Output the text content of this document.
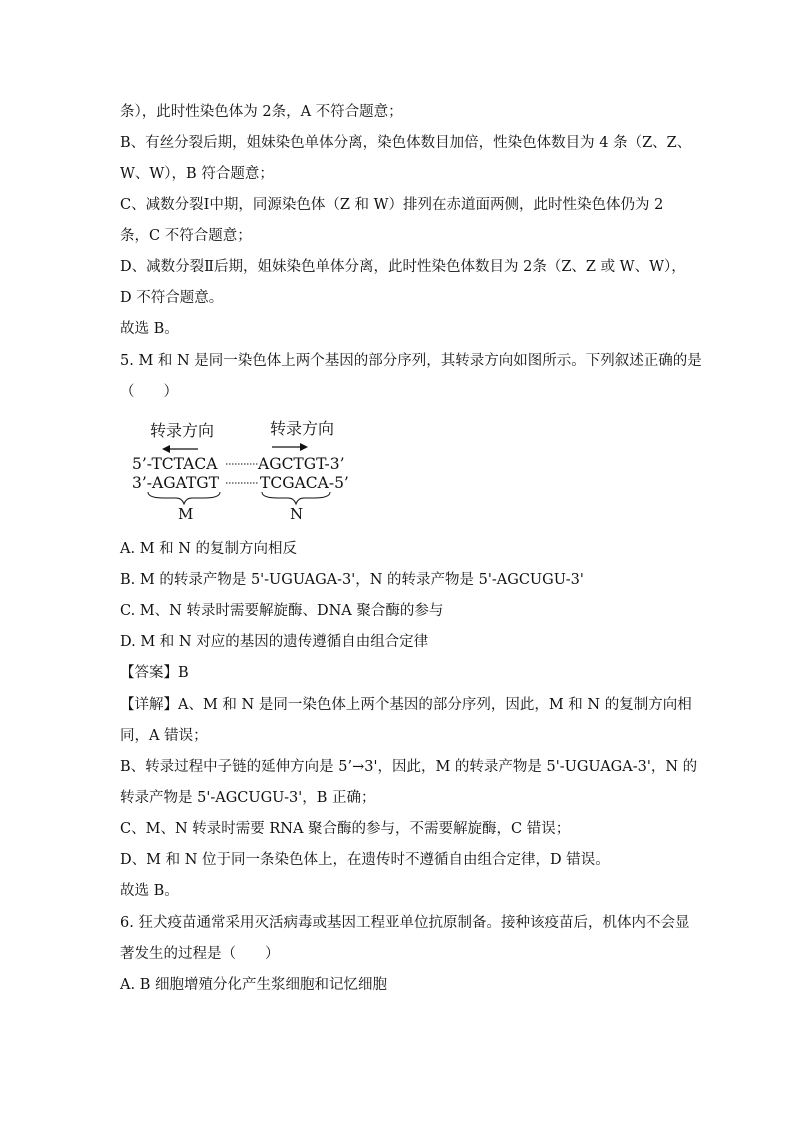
条），此时性染色体为 2条，A 不符合题意；
B、有丝分裂后期，姐妹染色单体分离，染色体数目加倍，性染色体数目为 4 条（Z、Z、
W、W），B 符合题意；
C、减数分裂Ⅰ中期，同源染色体（Z 和 W）排列在赤道面两侧，此时性染色体仍为 2
条，C 不符合题意；
D、减数分裂Ⅱ后期，姐妹染色单体分离，此时性染色体数目为 2条（Z、Z 或 W、W），
D 不符合题意。
故选 B。
5. M 和 N 是同一染色体上两个基因的部分序列，其转录方向如图所示。下列叙述正确的是
（　　）
转录方向	转录方向
5’-TCTACA
3’-AGATGT
AGCTGT-3’
TCGACA-5’
M	N
A. M 和 N 的复制方向相反
B. M 的转录产物是 5'-UGUAGA-3'，N 的转录产物是 5'-AGCUGU-3'
C. M、N 转录时需要解旋酶、DNA 聚合酶的参与
D. M 和 N 对应的基因的遗传遵循自由组合定律
【答案】B
【详解】A、M 和 N 是同一染色体上两个基因的部分序列，因此，M 和 N 的复制方向相
同，A 错误；
B、转录过程中子链的延伸方向是 5’→3'，因此，M 的转录产物是 5'-UGUAGA-3'，N 的
转录产物是 5'-AGCUGU-3'，B 正确；
C、M、N 转录时需要 RNA 聚合酶的参与，不需要解旋酶，C 错误；
D、M 和 N 位于同一条染色体上，在遗传时不遵循自由组合定律，D 错误。
故选 B。
6. 狂犬疫苗通常采用灭活病毒或基因工程亚单位抗原制备。接种该疫苗后，机体内不会显
著发生的过程是（　　）
A. B 细胞增殖分化产生浆细胞和记忆细胞
